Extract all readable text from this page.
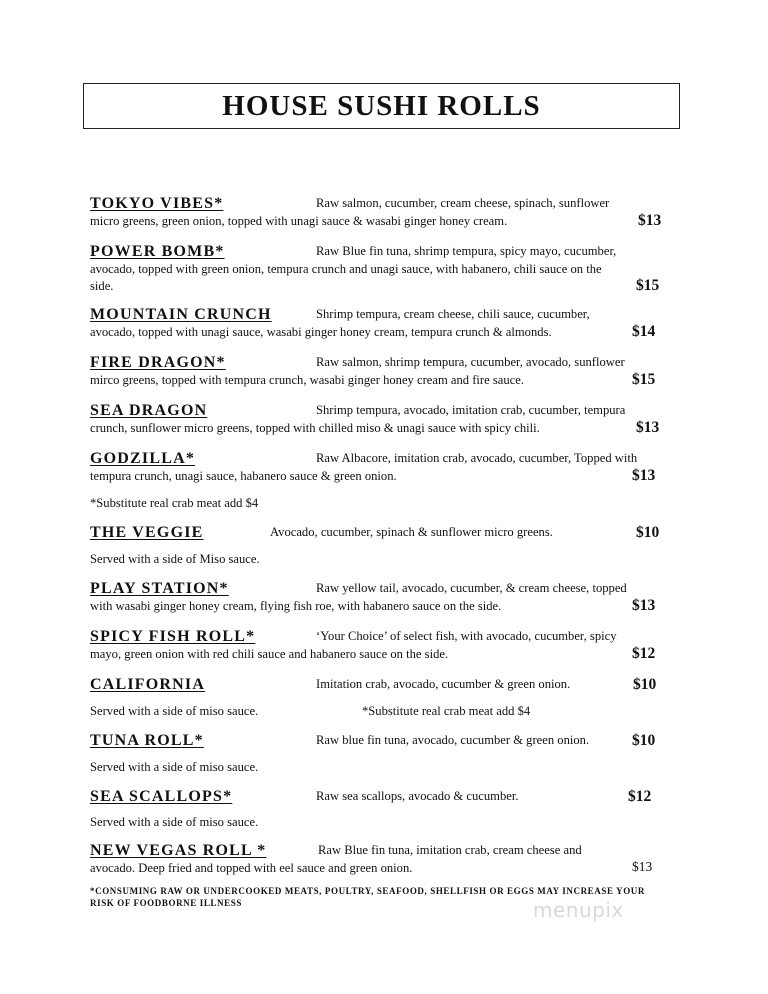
HOUSE SUSHI ROLLS
TOKYO VIBES*	Raw salmon, cucumber, cream cheese, spinach, sunflower
micro greens, green onion, topped with unagi sauce & wasabi ginger honey cream.	$13
POWER BOMB*	Raw Blue fin tuna, shrimp tempura, spicy mayo, cucumber,
avocado, topped with green onion, tempura crunch and unagi sauce, with habanero, chili sauce on the
side.	$15
MOUNTAIN CRUNCH	Shrimp tempura, cream cheese, chili sauce, cucumber,
avocado, topped with unagi sauce, wasabi ginger honey cream, tempura crunch & almonds.	$14
FIRE DRAGON*	Raw salmon, shrimp tempura, cucumber, avocado, sunflower
mirco greens, topped with tempura crunch, wasabi ginger honey cream and fire sauce.	$15
SEA DRAGON	Shrimp tempura, avocado, imitation crab, cucumber, tempura
crunch, sunflower micro greens, topped with chilled miso & unagi sauce with spicy chili.	$13
GODZILLA*	Raw Albacore, imitation crab, avocado, cucumber, Topped with
tempura crunch, unagi sauce, habanero sauce & green onion.	$13
*Substitute real crab meat add $4
THE VEGGIE	Avocado, cucumber, spinach & sunflower micro greens.	$10
Served with a side of Miso sauce.
PLAY STATION*	Raw yellow tail, avocado, cucumber, & cream cheese, topped
with wasabi ginger honey cream, flying fish roe, with habanero sauce on the side.	$13
SPICY FISH ROLL*	‘Your Choice’ of select fish, with avocado, cucumber, spicy
mayo, green onion with red chili sauce and habanero sauce on the side.	$12
CALIFORNIA	Imitation crab, avocado, cucumber & green onion.	$10
Served with a side of miso sauce.	*Substitute real crab meat add $4
TUNA ROLL*	Raw blue fin tuna, avocado, cucumber & green onion.	$10
Served with a side of miso sauce.
SEA SCALLOPS*	Raw sea scallops, avocado & cucumber.	$12
Served with a side of miso sauce.
NEW VEGAS ROLL *	Raw Blue fin tuna, imitation crab, cream cheese and
avocado. Deep fried and topped with eel sauce and green onion.	$13
*CONSUMING RAW OR UNDERCOOKED MEATS, POULTRY, SEAFOOD, SHELLFISH OR EGGS MAY INCREASE YOUR RISK OF FOODBORNE ILLNESS	menupix
